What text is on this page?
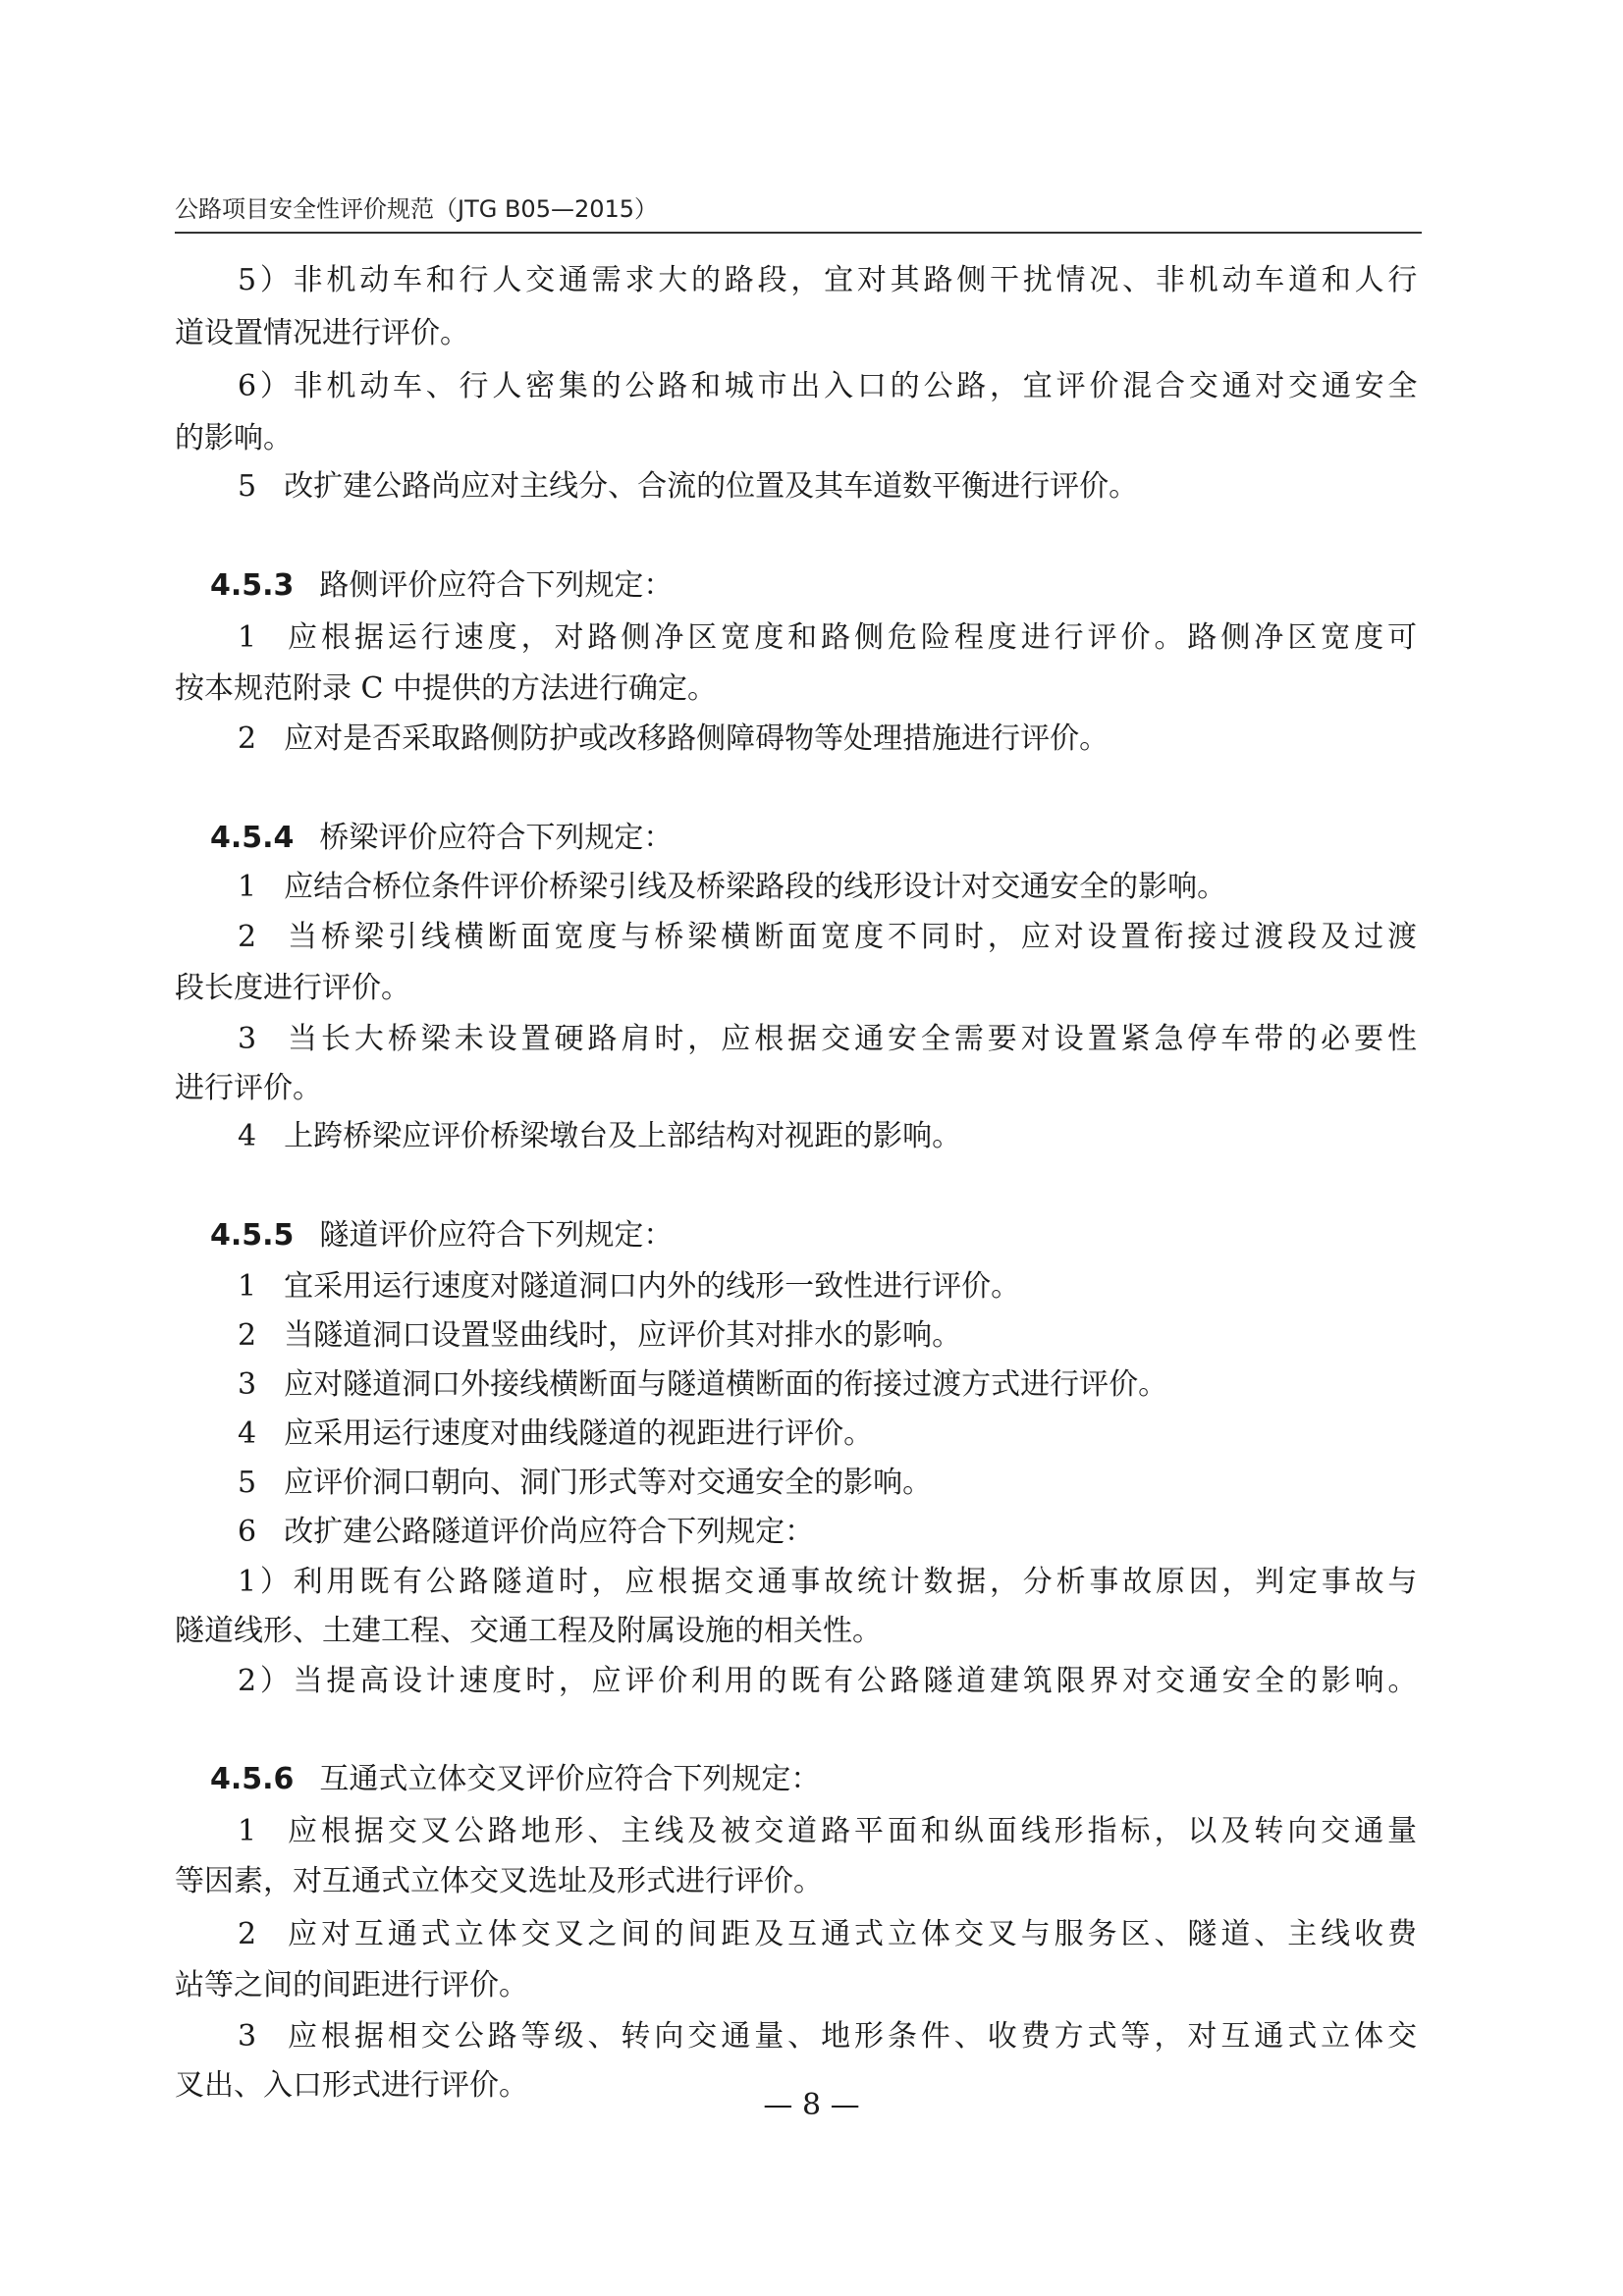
公路项目安全性评价规范（JTG B05—2015）
5）非机动车和行人交通需求大的路段，宜对其路侧干扰情况、非机动车道和人行
道设置情况进行评价。
6）非机动车、行人密集的公路和城市出入口的公路，宜评价混合交通对交通安全
的影响。
5 改扩建公路尚应对主线分、合流的位置及其车道数平衡进行评价。
4.5.3 路侧评价应符合下列规定：
1 应根据运行速度，对路侧净区宽度和路侧危险程度进行评价。路侧净区宽度可
按本规范附录 C 中提供的方法进行确定。
2 应对是否采取路侧防护或改移路侧障碍物等处理措施进行评价。
4.5.4 桥梁评价应符合下列规定：
1 应结合桥位条件评价桥梁引线及桥梁路段的线形设计对交通安全的影响。
2 当桥梁引线横断面宽度与桥梁横断面宽度不同时，应对设置衔接过渡段及过渡
段长度进行评价。
3 当长大桥梁未设置硬路肩时，应根据交通安全需要对设置紧急停车带的必要性
进行评价。
4 上跨桥梁应评价桥梁墩台及上部结构对视距的影响。
4.5.5 隧道评价应符合下列规定：
1 宜采用运行速度对隧道洞口内外的线形一致性进行评价。
2 当隧道洞口设置竖曲线时，应评价其对排水的影响。
3 应对隧道洞口外接线横断面与隧道横断面的衔接过渡方式进行评价。
4 应采用运行速度对曲线隧道的视距进行评价。
5 应评价洞口朝向、洞门形式等对交通安全的影响。
6 改扩建公路隧道评价尚应符合下列规定：
1）利用既有公路隧道时，应根据交通事故统计数据，分析事故原因，判定事故与
隧道线形、土建工程、交通工程及附属设施的相关性。
2）当提高设计速度时，应评价利用的既有公路隧道建筑限界对交通安全的影响。
4.5.6 互通式立体交叉评价应符合下列规定：
1 应根据交叉公路地形、主线及被交道路平面和纵面线形指标，以及转向交通量
等因素，对互通式立体交叉选址及形式进行评价。
2 应对互通式立体交叉之间的间距及互通式立体交叉与服务区、隧道、主线收费
站等之间的间距进行评价。
3 应根据相交公路等级、转向交通量、地形条件、收费方式等，对互通式立体交
叉出、入口形式进行评价。
— 8 —
